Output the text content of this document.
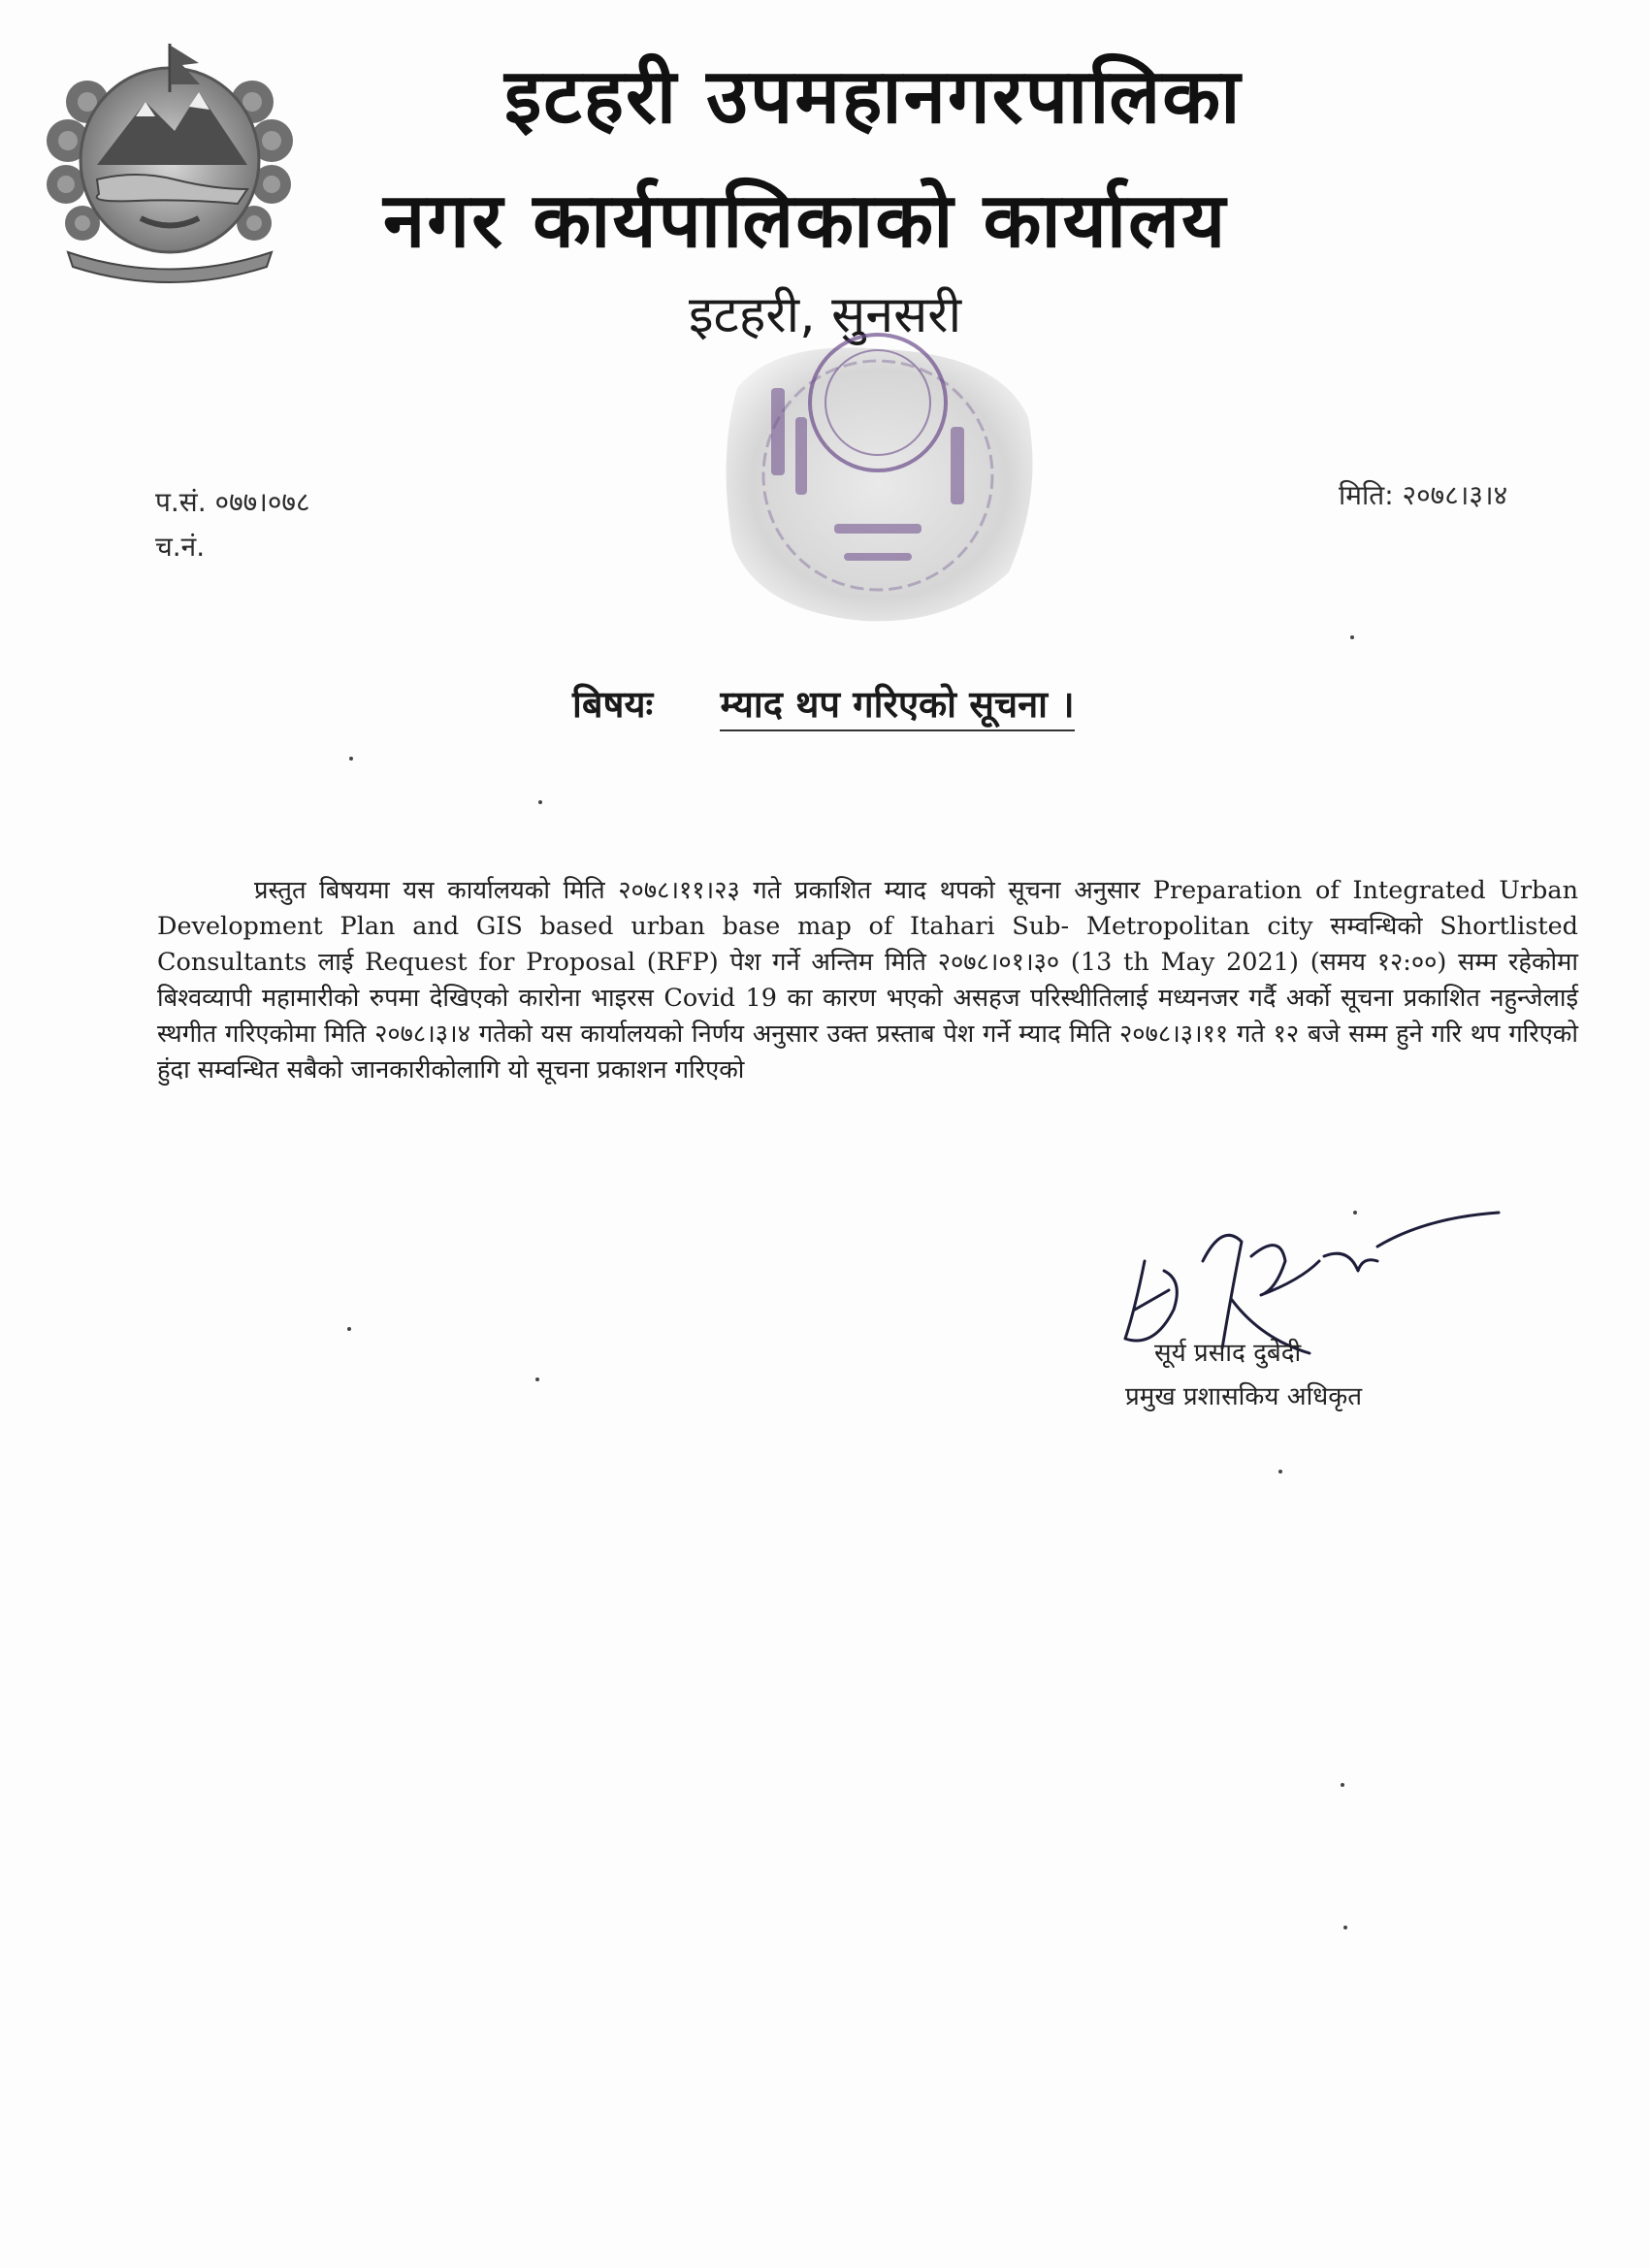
इटहरी उपमहानगरपालिका
नगर कार्यपालिकाको कार्यालय
इटहरी, सुनसरी
प.सं. ०७७।०७८
च.नं.
मिति: २०७८।३।४
बिषयः म्याद थप गरिएको सूचना ।
प्रस्तुत बिषयमा यस कार्यालयको मिति २०७८।११।२३ गते प्रकाशित म्याद थपको सूचना अनुसार Preparation of Integrated Urban Development Plan and GIS based urban base map of Itahari Sub- Metropolitan city सम्वन्धिको Shortlisted Consultants लाई Request for Proposal (RFP) पेश गर्ने अन्तिम मिति २०७८।०१।३० (13 th May 2021) (समय १२:००) सम्म रहेकोमा बिश्वव्यापी महामारीको रुपमा देखिएको कारोना भाइरस Covid 19 का कारण भएको असहज परिस्थीतिलाई मध्यनजर गर्दै अर्को सूचना प्रकाशित नहुन्जेलाई स्थगीत गरिएकोमा मिति २०७८।३।४ गतेको यस कार्यालयको निर्णय अनुसार उक्त प्रस्ताब पेश गर्ने म्याद मिति २०७८।३।११ गते १२ बजे सम्म हुने गरि थप गरिएको हुंदा सम्वन्धित सबैको जानकारीकोलागि यो सूचना प्रकाशन गरिएको
सूर्य प्रसाद दुबेदी
प्रमुख प्रशासकिय अधिकृत
